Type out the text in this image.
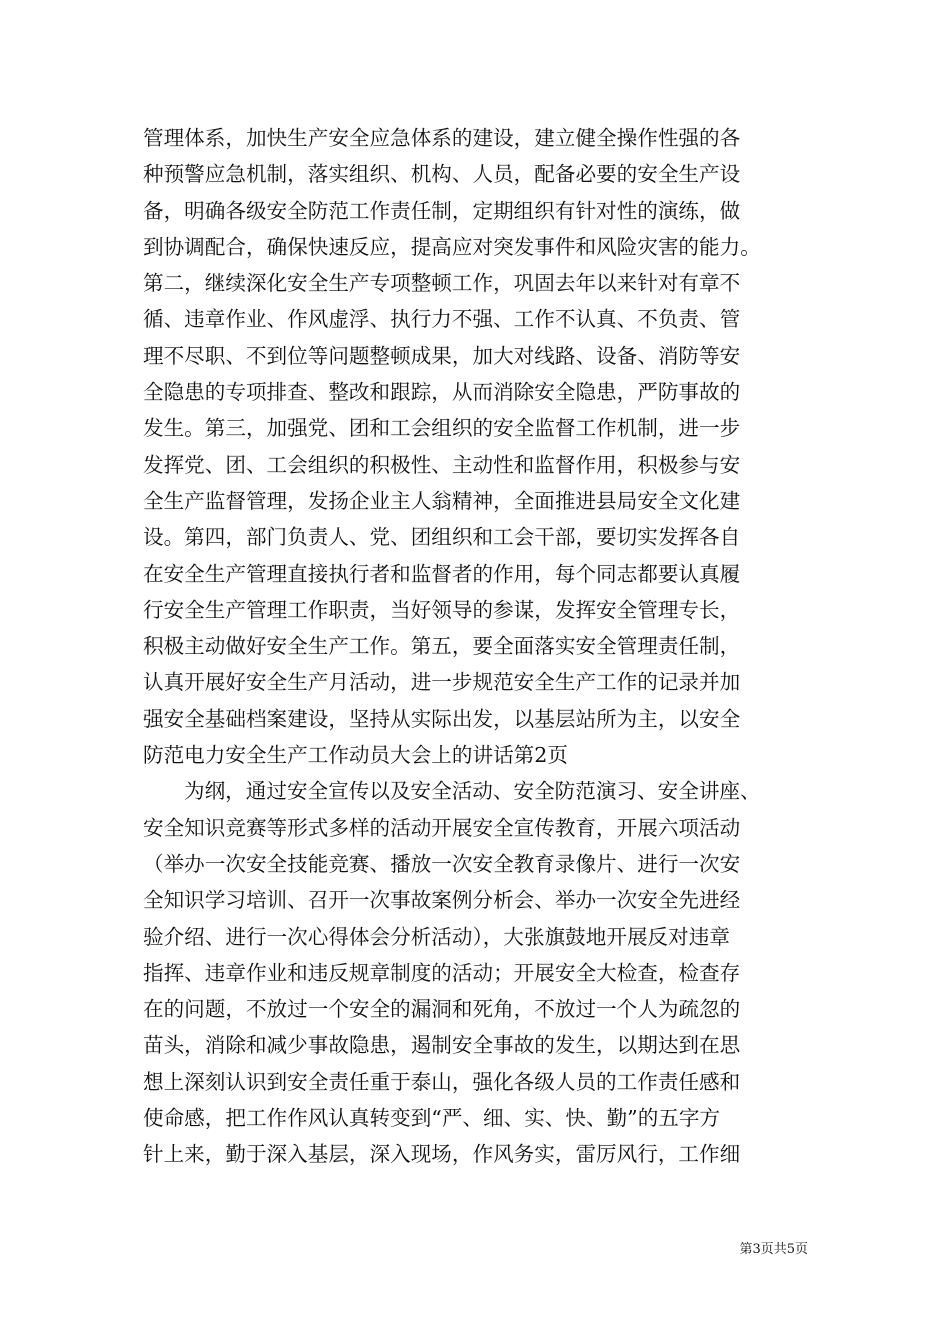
管理体系，加快生产安全应急体系的建设，建立健全操作性强的各
种预警应急机制，落实组织、机构、人员，配备必要的安全生产设
备，明确各级安全防范工作责任制，定期组织有针对性的演练，做
到协调配合，确保快速反应，提高应对突发事件和风险灾害的能力。
第二，继续深化安全生产专项整顿工作，巩固去年以来针对有章不
循、违章作业、作风虚浮、执行力不强、工作不认真、不负责、管
理不尽职、不到位等问题整顿成果，加大对线路、设备、消防等安
全隐患的专项排查、整改和跟踪，从而消除安全隐患，严防事故的
发生。第三，加强党、团和工会组织的安全监督工作机制，进一步
发挥党、团、工会组织的积极性、主动性和监督作用，积极参与安
全生产监督管理，发扬企业主人翁精神，全面推进县局安全文化建
设。第四，部门负责人、党、团组织和工会干部，要切实发挥各自
在安全生产管理直接执行者和监督者的作用，每个同志都要认真履
行安全生产管理工作职责，当好领导的参谋，发挥安全管理专长，
积极主动做好安全生产工作。第五，要全面落实安全管理责任制，
认真开展好安全生产月活动，进一步规范安全生产工作的记录并加
强安全基础档案建设，坚持从实际出发，以基层站所为主，以安全
防范电力安全生产工作动员大会上的讲话第2页
为纲，通过安全宣传以及安全活动、安全防范演习、安全讲座、
安全知识竞赛等形式多样的活动开展安全宣传教育，开展六项活动
（举办一次安全技能竞赛、播放一次安全教育录像片、进行一次安
全知识学习培训、召开一次事故案例分析会、举办一次安全先进经
验介绍、进行一次心得体会分析活动），大张旗鼓地开展反对违章
指挥、违章作业和违反规章制度的活动；开展安全大检查，检查存
在的问题，不放过一个安全的漏洞和死角，不放过一个人为疏忽的
苗头，消除和减少事故隐患，遏制安全事故的发生，以期达到在思
想上深刻认识到安全责任重于泰山，强化各级人员的工作责任感和
使命感，把工作作风认真转变到“严、细、实、快、勤”的五字方
针上来，勤于深入基层，深入现场，作风务实，雷厉风行，工作细
第3页共5页
